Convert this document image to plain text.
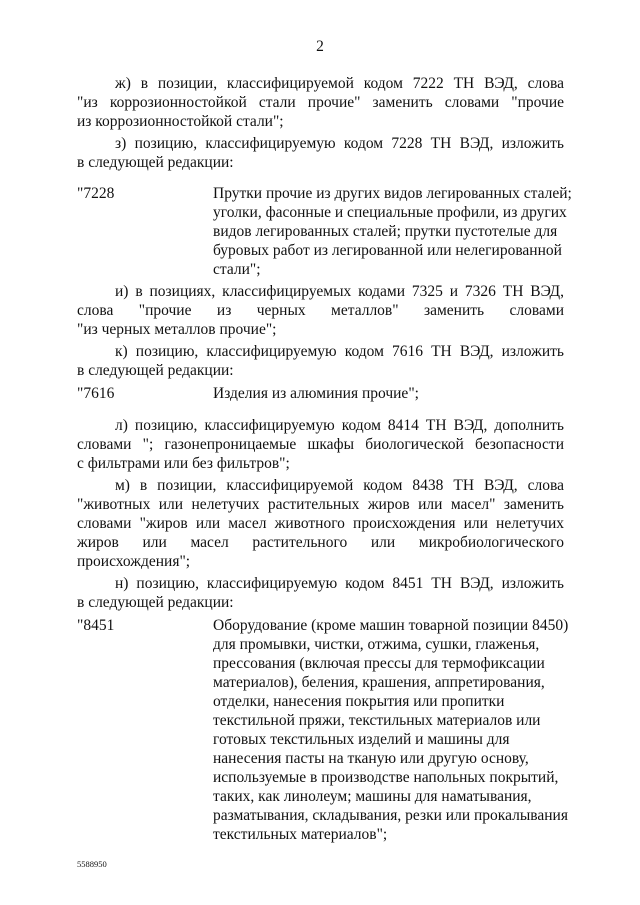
2
ж) в позиции, классифицируемой кодом 7222 ТН ВЭД, слова
"из коррозионностойкой стали прочие" заменить словами "прочие
из коррозионностойкой стали";
з) позицию, классифицируемую кодом 7228 ТН ВЭД, изложить
в следующей редакции:
"7228	Прутки прочие из других видов легированных сталей;
уголки, фасонные и специальные профили, из других
видов легированных сталей; прутки пустотелые для
буровых работ из легированной или нелегированной
стали";
и) в позициях, классифицируемых кодами 7325 и 7326 ТН ВЭД,
слова "прочие из черных металлов" заменить словами
"из черных металлов прочие";
к) позицию, классифицируемую кодом 7616 ТН ВЭД, изложить
в следующей редакции:
"7616	Изделия из алюминия прочие";
л) позицию, классифицируемую кодом 8414 ТН ВЭД, дополнить
словами "; газонепроницаемые шкафы биологической безопасности
с фильтрами или без фильтров";
м) в позиции, классифицируемой кодом 8438 ТН ВЭД, слова
"животных или нелетучих растительных жиров или масел" заменить
словами "жиров или масел животного происхождения или нелетучих
жиров или масел растительного или микробиологического
происхождения";
н) позицию, классифицируемую кодом 8451 ТН ВЭД, изложить
в следующей редакции:
"8451	Оборудование (кроме машин товарной позиции 8450)
для промывки, чистки, отжима, сушки, глаженья,
прессования (включая прессы для термофиксации
материалов), беления, крашения, аппретирования,
отделки, нанесения покрытия или пропитки
текстильной пряжи, текстильных материалов или
готовых текстильных изделий и машины для
нанесения пасты на тканую или другую основу,
используемые в производстве напольных покрытий,
таких, как линолеум; машины для наматывания,
разматывания, складывания, резки или прокалывания
текстильных материалов";
5588950
